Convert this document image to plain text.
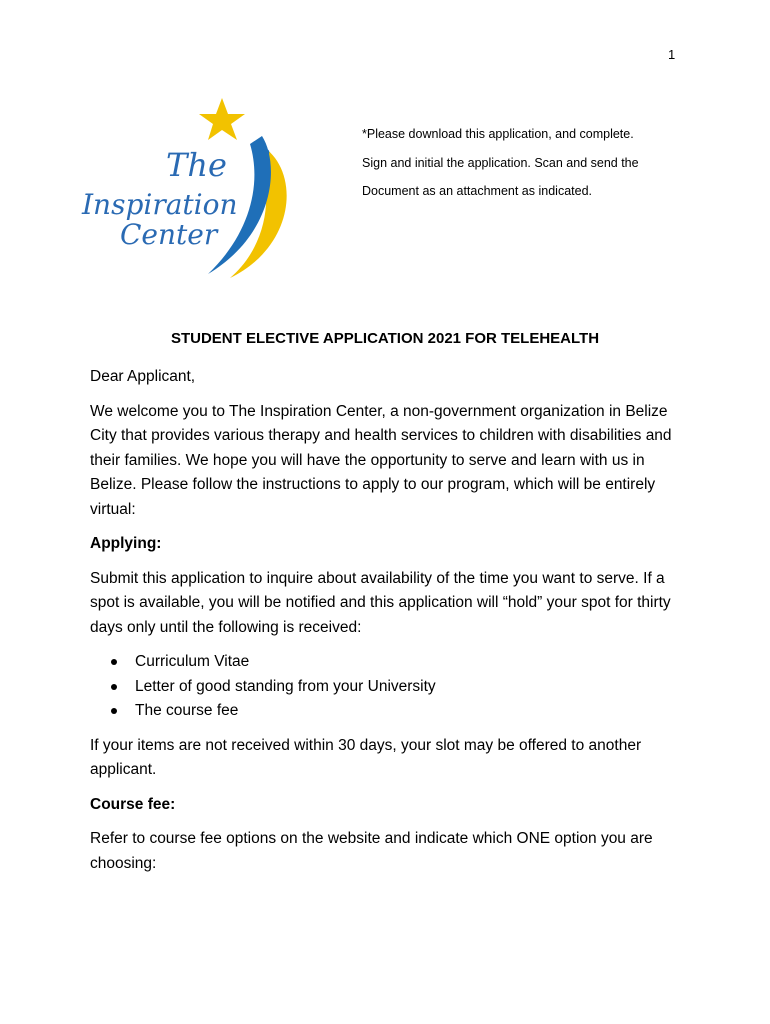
1
The
Inspiration
Center

*Please download this application, and complete.

Sign and initial the application. Scan and send the

Document as an attachment as indicated.

STUDENT ELECTIVE APPLICATION 2021 FOR TELEHEALTH

Dear Applicant,

We welcome you to The Inspiration Center, a non-government organization in Belize City that provides various therapy and health services to children with disabilities and their families. We hope you will have the opportunity to serve and learn with us in Belize. Please follow the instructions to apply to our program, which will be entirely virtual:

Applying:

Submit this application to inquire about availability of the time you want to serve. If a spot is available, you will be notified and this application will “hold” your spot for thirty days only until the following is received:

Curriculum Vitae
Letter of good standing from your University
The course fee

If your items are not received within 30 days, your slot may be offered to another applicant.

Course fee:

Refer to course fee options on the website and indicate which ONE option you are choosing:
